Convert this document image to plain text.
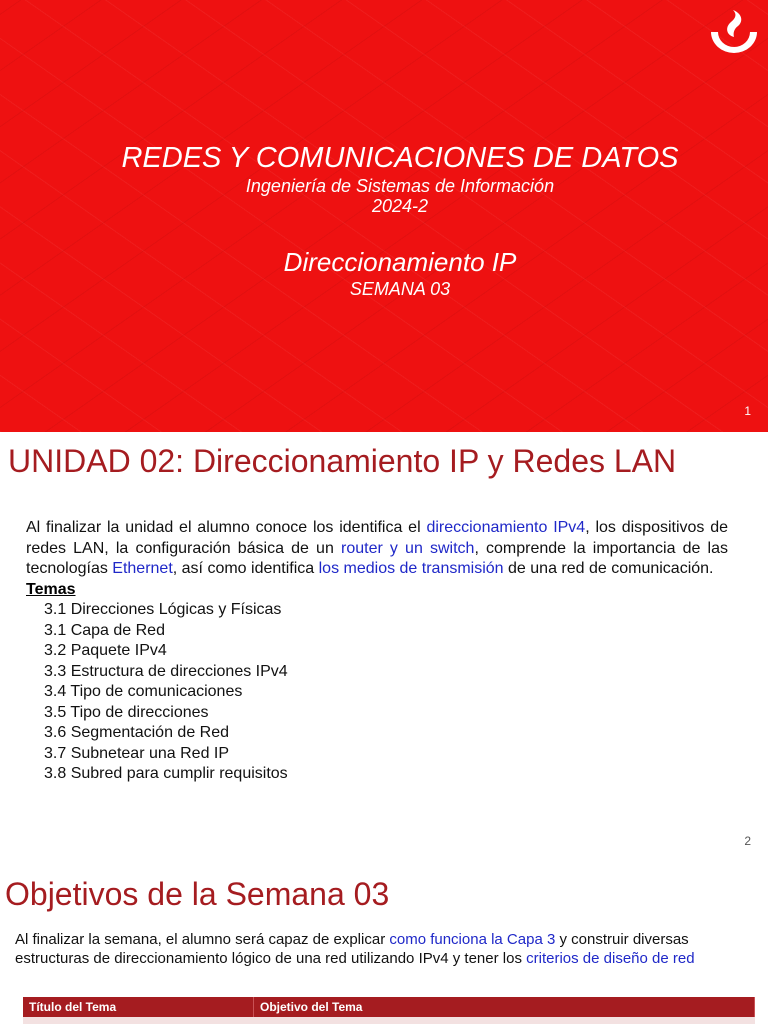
REDES Y COMUNICACIONES DE DATOS
Ingeniería de Sistemas de Información
2024-2
Direccionamiento IP
SEMANA 03
1
UNIDAD 02: Direccionamiento IP y Redes LAN
Al finalizar la unidad el alumno conoce los identifica el direccionamiento IPv4, los dispositivos de redes LAN, la configuración básica de un router y un switch, comprende la importancia de las tecnologías Ethernet, así como identifica los medios de transmisión de una red de comunicación.
Temas
3.1 Direcciones Lógicas y Físicas
3.1 Capa de Red
3.2 Paquete IPv4
3.3 Estructura de direcciones IPv4
3.4 Tipo de comunicaciones
3.5 Tipo de direcciones
3.6 Segmentación de Red
3.7 Subnetear una Red IP
3.8 Subred para cumplir requisitos
2
Objetivos de la Semana 03
Al finalizar la semana, el alumno será capaz de explicar como funciona la Capa 3 y construir diversas estructuras de direccionamiento lógico de una red utilizando IPv4 y tener los criterios de diseño de red
Título del Tema	Objetivo del Tema
